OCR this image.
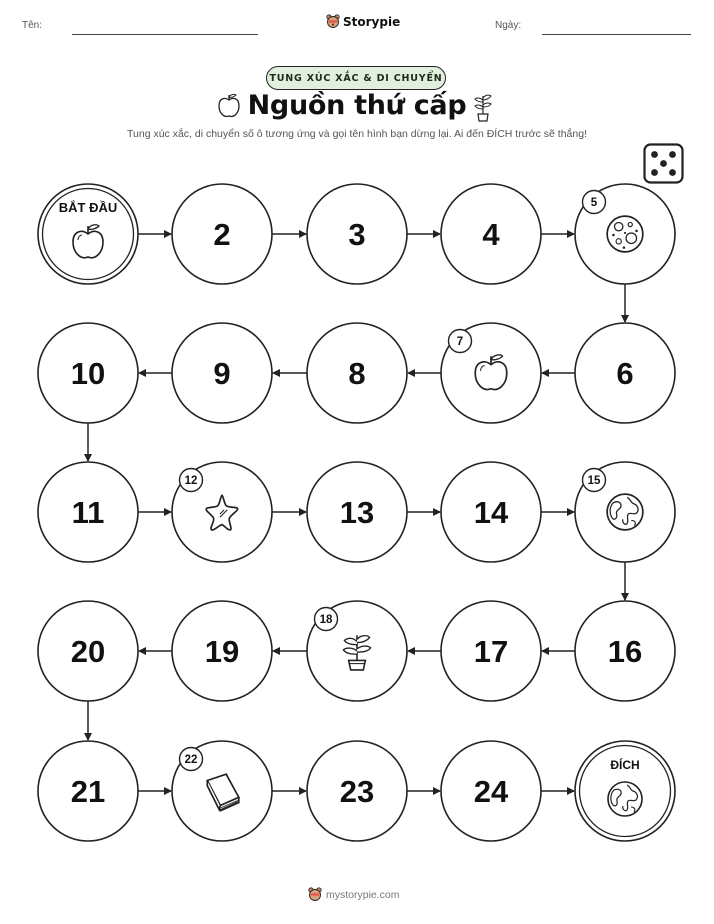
Tên:	Ngày:
Storypie
TUNG XÚC XẮC & DI CHUYỂN
Nguồn thứ cấp
Tung xúc xắc, di chuyển số ô tương ứng và gọi tên hình bạn dừng lại. Ai đến ĐÍCH trước sẽ thắng!
BẮT ĐẦU
2	3	4
5
6
7
8
9
10
11
12
13	14
15
16
17
18
19
20
21
22
23	24
ĐÍCH
mystorypie.com
